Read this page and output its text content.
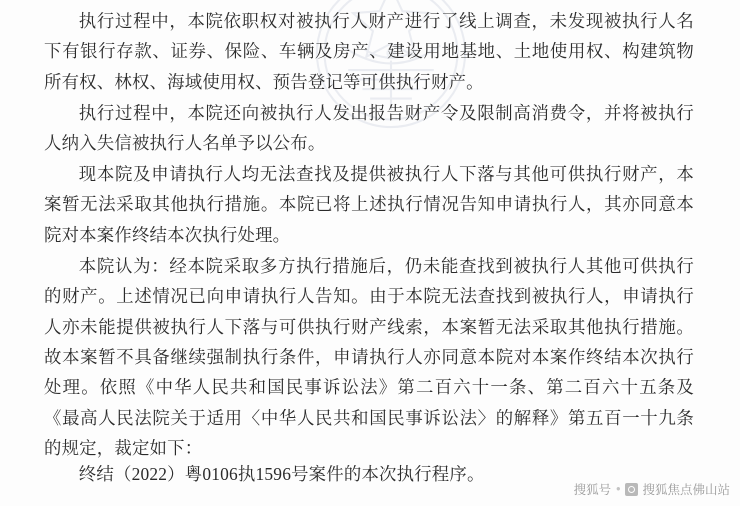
执行过程中，本院依职权对被执行人财产进行了线上调查，未发现被执行人名下有银行存款、证券、保险、车辆及房产、建设用地基地、土地使用权、构建筑物所有权、林权、海域使用权、预告登记等可供执行财产。

执行过程中，本院还向被执行人发出报告财产令及限制高消费令，并将被执行人纳入失信被执行人名单予以公布。

现本院及申请执行人均无法查找及提供被执行人下落与其他可供执行财产，本案暂无法采取其他执行措施。本院已将上述执行情况告知申请执行人，其亦同意本院对本案作终结本次执行处理。

本院认为：经本院采取多方执行措施后，仍未能查找到被执行人其他可供执行的财产。上述情况已向申请执行人告知。由于本院无法查找到被执行人，申请执行人亦未能提供被执行人下落与可供执行财产线索，本案暂无法采取其他执行措施。故本案暂不具备继续强制执行条件，申请执行人亦同意本院对本案作终结本次执行处理。依照《中华人民共和国民事诉讼法》第二百六十一条、第二百六十五条及《最高人民法院关于适用〈中华人民共和国民事诉讼法〉的解释》第五百一十九条的规定，裁定如下：

终结（2022）粤0106执1596号案件的本次执行程序。

搜狐号 • 搜狐焦点佛山站
